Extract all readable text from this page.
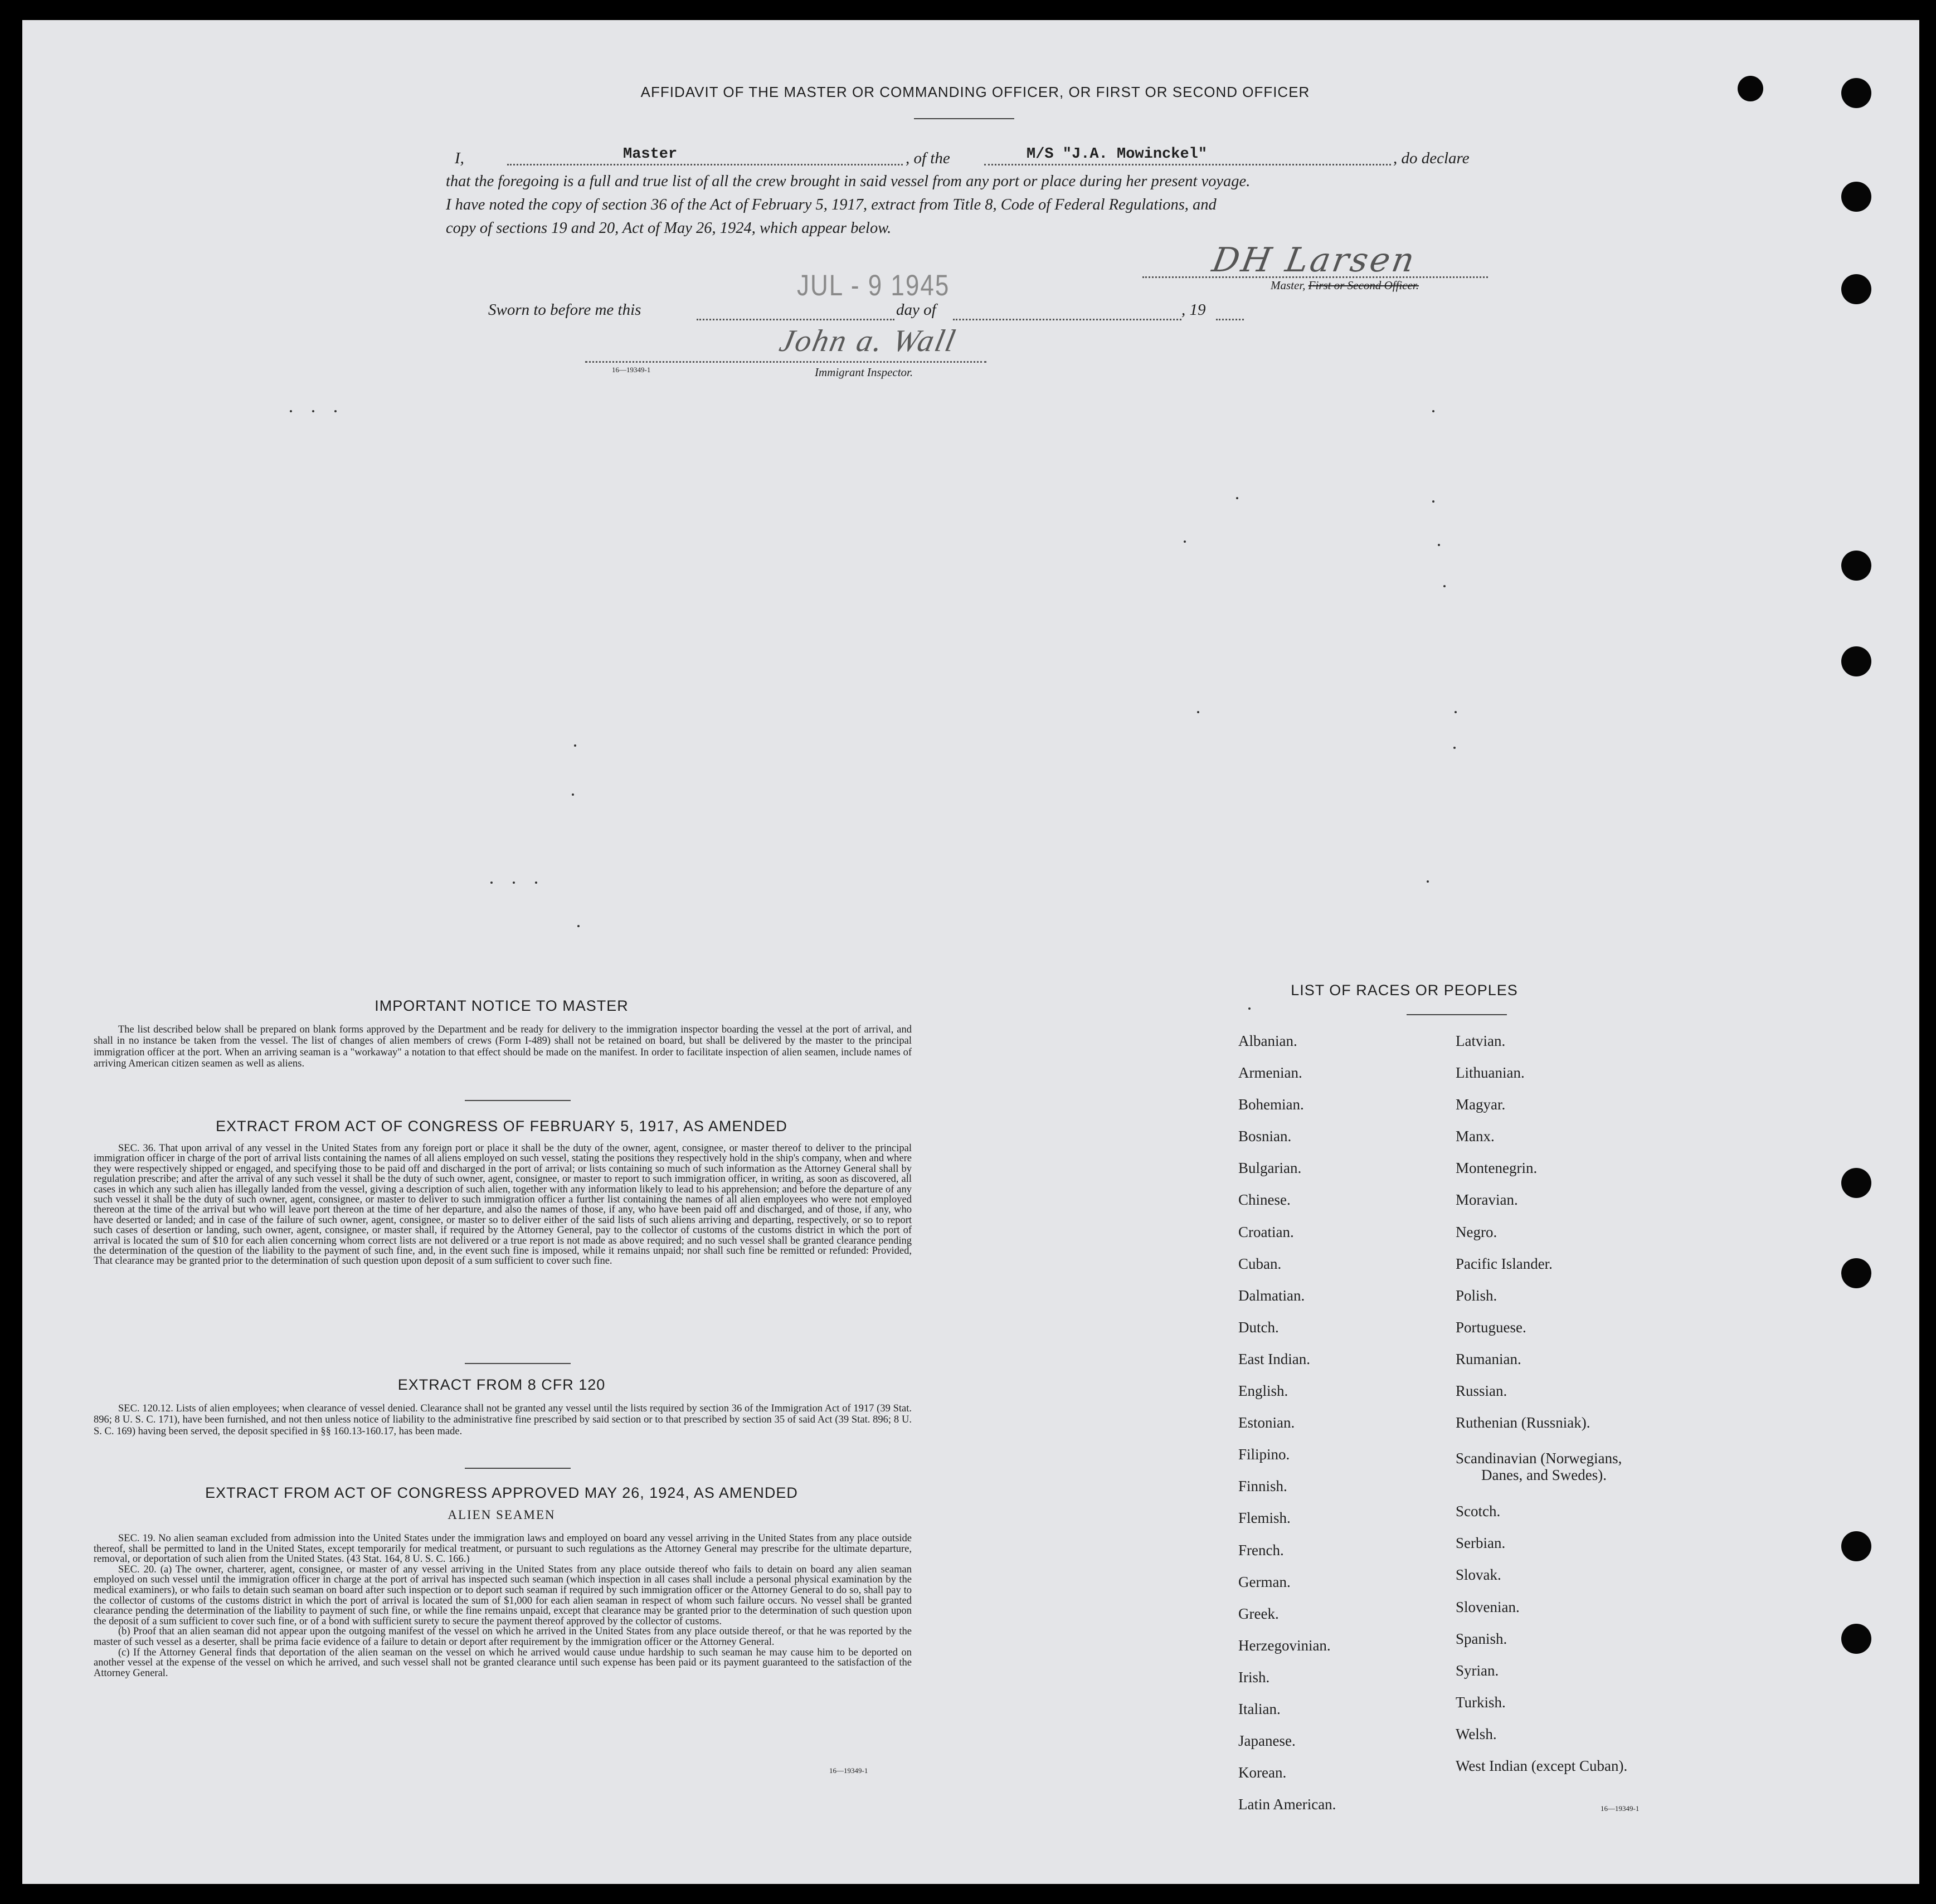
AFFIDAVIT OF THE MASTER OR COMMANDING OFFICER, OR FIRST OR SECOND OFFICER
I,	Master	, of the	M/S "J.A. Mowinckel"	, do declare
that the foregoing is a full and true list of all the crew brought in said vessel from any port or place during her present voyage.
I have noted the copy of section 36 of the Act of February 5, 1917, extract from Title 8, Code of Federal Regulations, and
copy of sections 19 and 20, Act of May 26, 1924, which appear below.
DH Larsen
Master, First or Second Officer.
JUL - 9 1945
Sworn to before me this	day of	, 19
John a. Wall
Immigrant Inspector.
16—19349-1
IMPORTANT NOTICE TO MASTER

The list described below shall be prepared on blank forms approved by the Department and be ready for delivery to the immigration inspector boarding the vessel at the port of arrival, and shall in no instance be taken from the vessel. The list of changes of alien members of crews (Form I-489) shall not be retained on board, but shall be delivered by the master to the principal immigration officer at the port. When an arriving seaman is a "workaway" a notation to that effect should be made on the manifest. In order to facilitate inspection of alien seamen, include names of arriving American citizen seamen as well as aliens.

EXTRACT FROM ACT OF CONGRESS OF FEBRUARY 5, 1917, AS AMENDED

SEC. 36. That upon arrival of any vessel in the United States from any foreign port or place it shall be the duty of the owner, agent, consignee, or master thereof to deliver to the principal immigration officer in charge of the port of arrival lists containing the names of all aliens employed on such vessel, stating the positions they respectively hold in the ship's company, when and where they were respectively shipped or engaged, and specifying those to be paid off and discharged in the port of arrival; or lists containing so much of such information as the Attorney General shall by regulation prescribe; and after the arrival of any such vessel it shall be the duty of such owner, agent, consignee, or master to report to such immigration officer, in writing, as soon as discovered, all cases in which any such alien has illegally landed from the vessel, giving a description of such alien, together with any information likely to lead to his apprehension; and before the departure of any such vessel it shall be the duty of such owner, agent, consignee, or master to deliver to such immigration officer a further list containing the names of all alien employees who were not employed thereon at the time of the arrival but who will leave port thereon at the time of her departure, and also the names of those, if any, who have been paid off and discharged, and of those, if any, who have deserted or landed; and in case of the failure of such owner, agent, consignee, or master so to deliver either of the said lists of such aliens arriving and departing, respectively, or so to report such cases of desertion or landing, such owner, agent, consignee, or master shall, if required by the Attorney General, pay to the collector of customs of the customs district in which the port of arrival is located the sum of $10 for each alien concerning whom correct lists are not delivered or a true report is not made as above required; and no such vessel shall be granted clearance pending the determination of the question of the liability to the payment of such fine, and, in the event such fine is imposed, while it remains unpaid; nor shall such fine be remitted or refunded: Provided, That clearance may be granted prior to the determination of such question upon deposit of a sum sufficient to cover such fine.

EXTRACT FROM 8 CFR 120

SEC. 120.12. Lists of alien employees; when clearance of vessel denied. Clearance shall not be granted any vessel until the lists required by section 36 of the Immigration Act of 1917 (39 Stat. 896; 8 U. S. C. 171), have been furnished, and not then unless notice of liability to the administrative fine prescribed by said section or to that prescribed by section 35 of said Act (39 Stat. 896; 8 U. S. C. 169) having been served, the deposit specified in §§ 160.13-160.17, has been made.

EXTRACT FROM ACT OF CONGRESS APPROVED MAY 26, 1924, AS AMENDED
ALIEN SEAMEN

SEC. 19. No alien seaman excluded from admission into the United States under the immigration laws and employed on board any vessel arriving in the United States from any place outside thereof, shall be permitted to land in the United States, except temporarily for medical treatment, or pursuant to such regulations as the Attorney General may prescribe for the ultimate departure, removal, or deportation of such alien from the United States. (43 Stat. 164, 8 U. S. C. 166.)

SEC. 20. (a) The owner, charterer, agent, consignee, or master of any vessel arriving in the United States from any place outside thereof who fails to detain on board any alien seaman employed on such vessel until the immigration officer in charge at the port of arrival has inspected such seaman (which inspection in all cases shall include a personal physical examination by the medical examiners), or who fails to detain such seaman on board after such inspection or to deport such seaman if required by such immigration officer or the Attorney General to do so, shall pay to the collector of customs of the customs district in which the port of arrival is located the sum of $1,000 for each alien seaman in respect of whom such failure occurs. No vessel shall be granted clearance pending the determination of the liability to payment of such fine, or while the fine remains unpaid, except that clearance may be granted prior to the determination of such question upon the deposit of a sum sufficient to cover such fine, or of a bond with sufficient surety to secure the payment thereof approved by the collector of customs.

(b) Proof that an alien seaman did not appear upon the outgoing manifest of the vessel on which he arrived in the United States from any place outside thereof, or that he was reported by the master of such vessel as a deserter, shall be prima facie evidence of a failure to detain or deport after requirement by the immigration officer or the Attorney General.

(c) If the Attorney General finds that deportation of the alien seaman on the vessel on which he arrived would cause undue hardship to such seaman he may cause him to be deported on another vessel at the expense of the vessel on which he arrived, and such vessel shall not be granted clearance until such expense has been paid or its payment guaranteed to the satisfaction of the Attorney General.

16—19349-1
LIST OF RACES OR PEOPLES
Albanian.
Armenian.
Bohemian.
Bosnian.
Bulgarian.
Chinese.
Croatian.
Cuban.
Dalmatian.
Dutch.
East Indian.
English.
Estonian.
Filipino.
Finnish.
Flemish.
French.
German.
Greek.
Herzegovinian.
Irish.
Italian.
Japanese.
Korean.
Latin American.
Latvian.
Lithuanian.
Magyar.
Manx.
Montenegrin.
Moravian.
Negro.
Pacific Islander.
Polish.
Portuguese.
Rumanian.
Russian.
Ruthenian (Russniak).
Scandinavian (Norwegians,
Danes, and Swedes).
Scotch.
Serbian.
Slovak.
Slovenian.
Spanish.
Syrian.
Turkish.
Welsh.
West Indian (except Cuban).
16—19349-1
